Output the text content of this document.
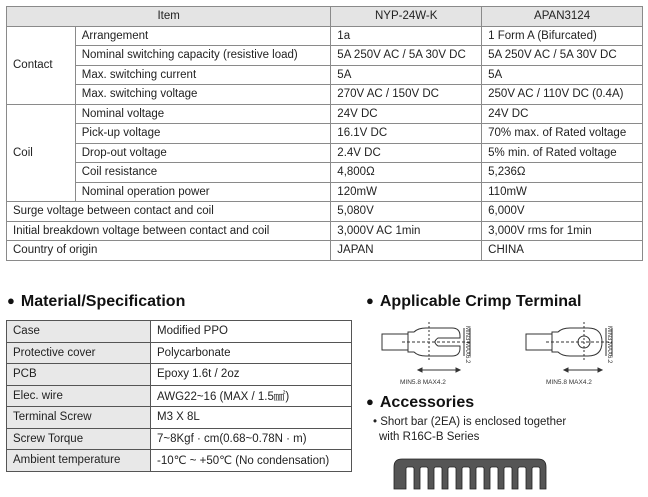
Item		NYP-24W-K	APAN3124
Contact	Arrangement	1a	1 Form A (Bifurcated)
	Nominal switching capacity (resistive load)	5A 250V AC / 5A 30V DC	5A 250V AC / 5A 30V DC
	Max. switching current	5A	5A
	Max. switching voltage	270V AC / 150V DC	250V AC / 110V DC (0.4A)
Coil	Nominal voltage	24V DC	24V DC
	Pick-up voltage	16.1V DC	70% max. of Rated voltage
	Drop-out voltage	2.4V DC	5% min. of Rated voltage
	Coil resistance	4,800Ω	5,236Ω
	Nominal operation power	120mW	110mW
Surge voltage between contact and coil		5,080V	6,000V
Initial breakdown voltage between contact and coil		3,000V AC 1min	3,000V rms for 1min
Country of origin		JAPAN	CHINA
● Material/Specification
Case	Modified PPO
Protective cover	Polycarbonate
PCB	Epoxy 1.6t / 2oz
Elec. wire	AWG22~16 (MAX / 1.5㎟)
Terminal Screw	M3 X 8L
Screw Torque	7~8Kgf · cm(0.68~0.78N · m)
Ambient temperature	-10℃ ~ +50℃ (No condensation)
● Applicable Crimp Terminal
MIN3 MAX6.2
MIN5.8 MAX4.2
MIN3 MAX6.2
MIN5.8 MAX4.2
● Accessories
• Short bar (2EA) is enclosed together
with R16C-B Series
